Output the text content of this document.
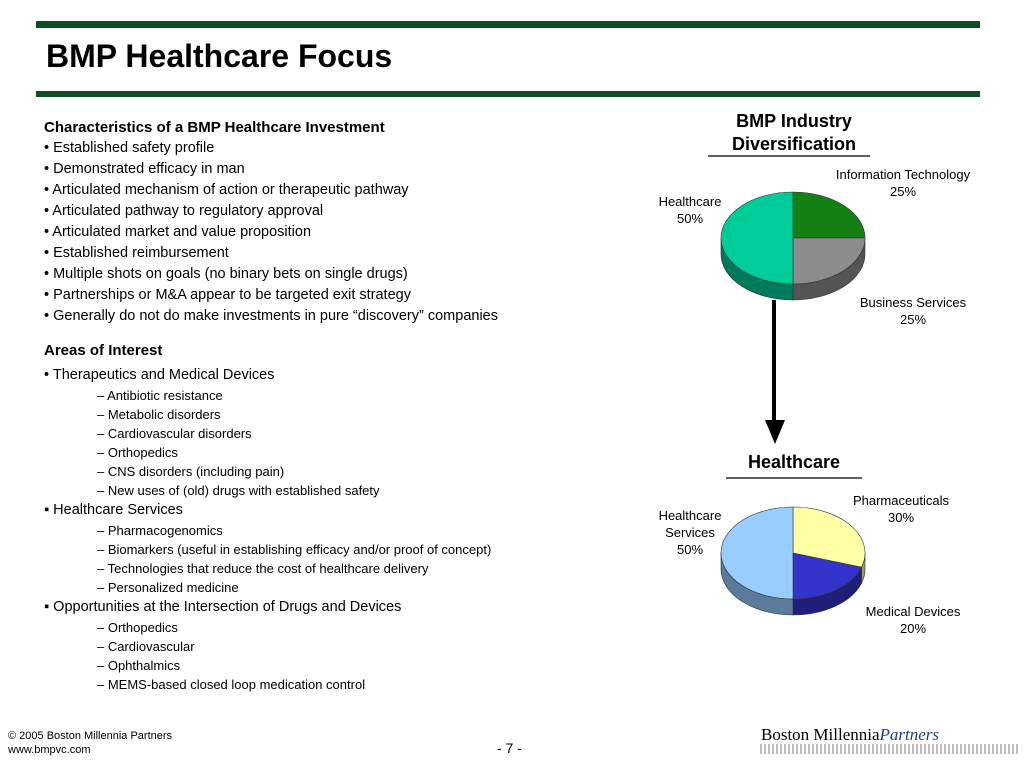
BMP Healthcare Focus
Characteristics of a BMP Healthcare Investment
• Established safety profile
• Demonstrated efficacy in man
• Articulated mechanism of action or therapeutic pathway
• Articulated pathway to regulatory approval
• Articulated market and value proposition
• Established reimbursement
• Multiple shots on goals (no binary bets on single drugs)
• Partnerships or M&A appear to be targeted exit strategy
• Generally do not do make investments in pure “discovery” companies
Areas of Interest
• Therapeutics and Medical Devices
– Antibiotic resistance
– Metabolic disorders
– Cardiovascular disorders
– Orthopedics
– CNS disorders (including pain)
– New uses of (old) drugs with established safety
▪ Healthcare Services
– Pharmacogenomics
– Biomarkers (useful in establishing efficacy and/or proof of concept)
– Technologies that reduce the cost of healthcare delivery
– Personalized medicine
▪ Opportunities at the Intersection of Drugs and Devices
– Orthopedics
– Cardiovascular
– Ophthalmics
– MEMS-based closed loop medication control
BMP Industry
Diversification
Information Technology 25%
Business Services 25%
Healthcare 50%
Healthcare
Pharmaceuticals 30%
Medical Devices 20%
Healthcare Services 50%
© 2005 Boston Millennia Partners
www.bmpvc.com	- 7 -
Boston MillenniaPartners
